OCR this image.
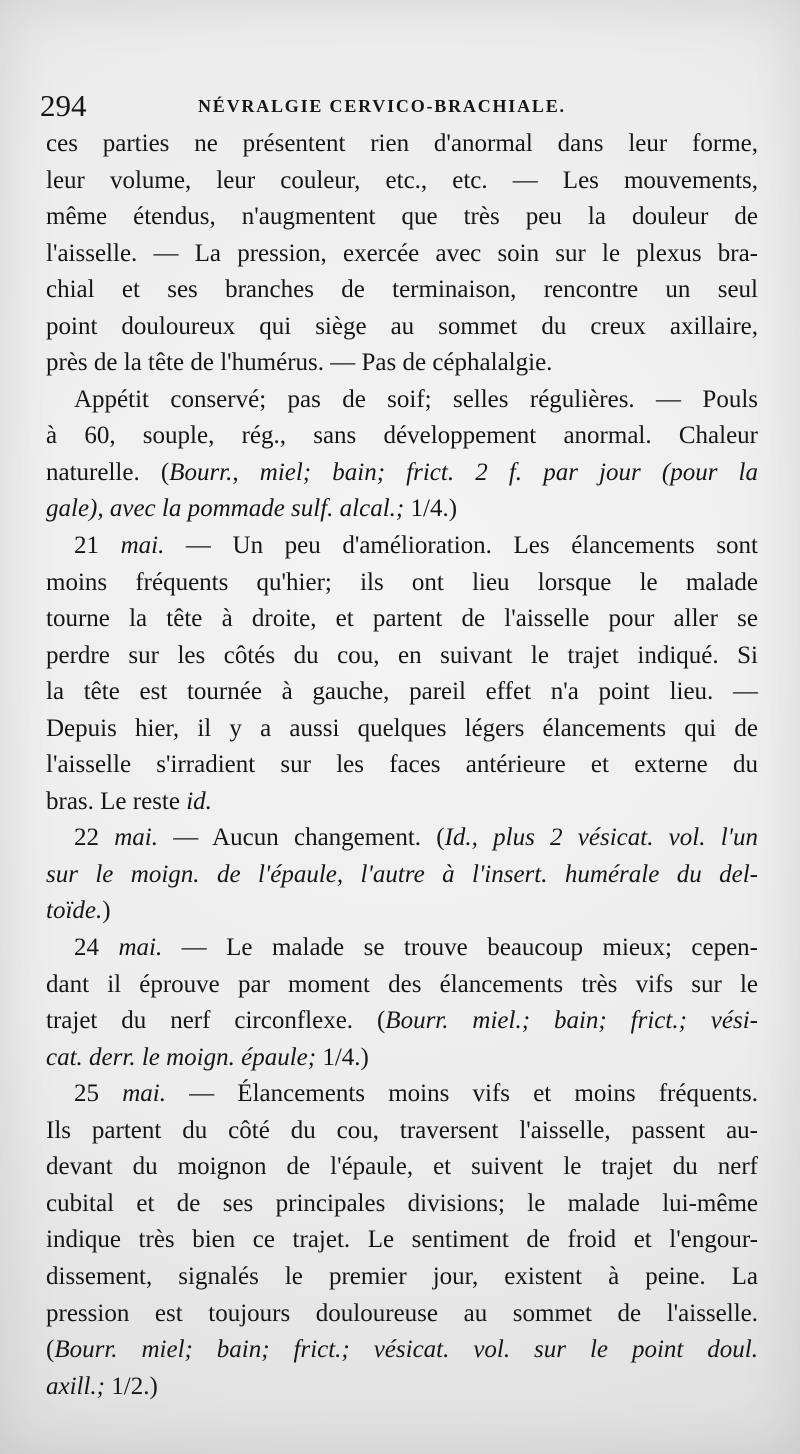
294	NÉVRALGIE CERVICO-BRACHIALE.
ces parties ne présentent rien d'anormal dans leur forme,
leur volume, leur couleur, etc., etc. — Les mouvements,
même étendus, n'augmentent que très peu la douleur de
l'aisselle. — La pression, exercée avec soin sur le plexus bra-
chial et ses branches de terminaison, rencontre un seul
point douloureux qui siège au sommet du creux axillaire,
près de la tête de l'humérus. — Pas de céphalalgie.
Appétit conservé; pas de soif; selles régulières. — Pouls
à 60, souple, rég., sans développement anormal. Chaleur
naturelle. (Bourr., miel; bain; frict. 2 f. par jour (pour la
gale), avec la pommade sulf. alcal.; 1/4.)
21 mai. — Un peu d'amélioration. Les élancements sont
moins fréquents qu'hier; ils ont lieu lorsque le malade
tourne la tête à droite, et partent de l'aisselle pour aller se
perdre sur les côtés du cou, en suivant le trajet indiqué. Si
la tête est tournée à gauche, pareil effet n'a point lieu. —
Depuis hier, il y a aussi quelques légers élancements qui de
l'aisselle s'irradient sur les faces antérieure et externe du
bras. Le reste id.
22 mai. — Aucun changement. (Id., plus 2 vésicat. vol. l'un
sur le moign. de l'épaule, l'autre à l'insert. humérale du del-
toïde.)
24 mai. — Le malade se trouve beaucoup mieux; cepen-
dant il éprouve par moment des élancements très vifs sur le
trajet du nerf circonflexe. (Bourr. miel.; bain; frict.; vési-
cat. derr. le moign. épaule; 1/4.)
25 mai. — Élancements moins vifs et moins fréquents.
Ils partent du côté du cou, traversent l'aisselle, passent au-
devant du moignon de l'épaule, et suivent le trajet du nerf
cubital et de ses principales divisions; le malade lui-même
indique très bien ce trajet. Le sentiment de froid et l'engour-
dissement, signalés le premier jour, existent à peine. La
pression est toujours douloureuse au sommet de l'aisselle.
(Bourr. miel; bain; frict.; vésicat. vol. sur le point doul.
axill.; 1/2.)
